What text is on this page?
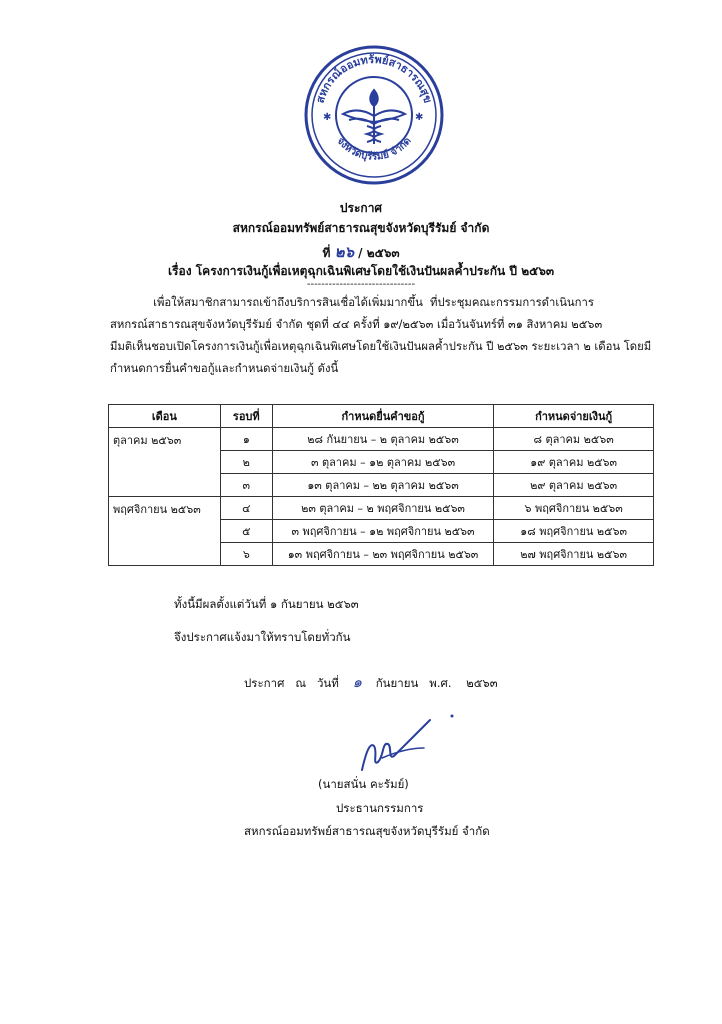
สหกรณ์ออมทรัพย์สาธารณสุข
จังหวัดบุรีรัมย์ จำกัด
✱	✱
ประกาศ
สหกรณ์ออมทรัพย์สาธารณสุขจังหวัดบุรีรัมย์ จำกัด
ที่ ๒๖ / ๒๕๖๓
เรื่อง โครงการเงินกู้เพื่อเหตุฉุกเฉินพิเศษโดยใช้เงินปันผลค้ำประกัน ปี ๒๕๖๓
------------------------------
เพื่อให้สมาชิกสามารถเข้าถึงบริการสินเชื่อได้เพิ่มมากขึ้น  ที่ประชุมคณะกรรมการดำเนินการ
สหกรณ์สาธารณสุขจังหวัดบุรีรัมย์ จำกัด ชุดที่ ๔๔ ครั้งที่ ๑๙/๒๕๖๓ เมื่อวันจันทร์ที่ ๓๑ สิงหาคม ๒๕๖๓
มีมติเห็นชอบเปิดโครงการเงินกู้เพื่อเหตุฉุกเฉินพิเศษโดยใช้เงินปันผลค้ำประกัน ปี ๒๕๖๓ ระยะเวลา ๒ เดือน โดยมี
กำหนดการยื่นคำขอกู้และกำหนดจ่ายเงินกู้ ดังนี้
เดือน	รอบที่	กำหนดยื่นคำขอกู้	กำหนดจ่ายเงินกู้
ตุลาคม ๒๕๖๓	๑	๒๘ กันยายน – ๒ ตุลาคม ๒๕๖๓	๘ ตุลาคม ๒๕๖๓
	๒	๓ ตุลาคม – ๑๒ ตุลาคม ๒๕๖๓	๑๙ ตุลาคม ๒๕๖๓
	๓	๑๓ ตุลาคม – ๒๒ ตุลาคม ๒๕๖๓	๒๙ ตุลาคม ๒๕๖๓
พฤศจิกายน ๒๕๖๓	๔	๒๓ ตุลาคม – ๒ พฤศจิกายน ๒๕๖๓	๖ พฤศจิกายน ๒๕๖๓
	๕	๓ พฤศจิกายน – ๑๒ พฤศจิกายน ๒๕๖๓	๑๘ พฤศจิกายน ๒๕๖๓
	๖	๑๓ พฤศจิกายน – ๒๓ พฤศจิกายน ๒๕๖๓	๒๗ พฤศจิกายน ๒๕๖๓
ทั้งนี้มีผลตั้งแต่วันที่ ๑ กันยายน ๒๕๖๓
จึงประกาศแจ้งมาให้ทราบโดยทั่วกัน
ประกาศ   ณ   วันที่ ๑ กันยายน   พ.ศ.    ๒๕๖๓
(นายสนั่น คะรัมย์)
ประธานกรรมการ
สหกรณ์ออมทรัพย์สาธารณสุขจังหวัดบุรีรัมย์ จำกัด
